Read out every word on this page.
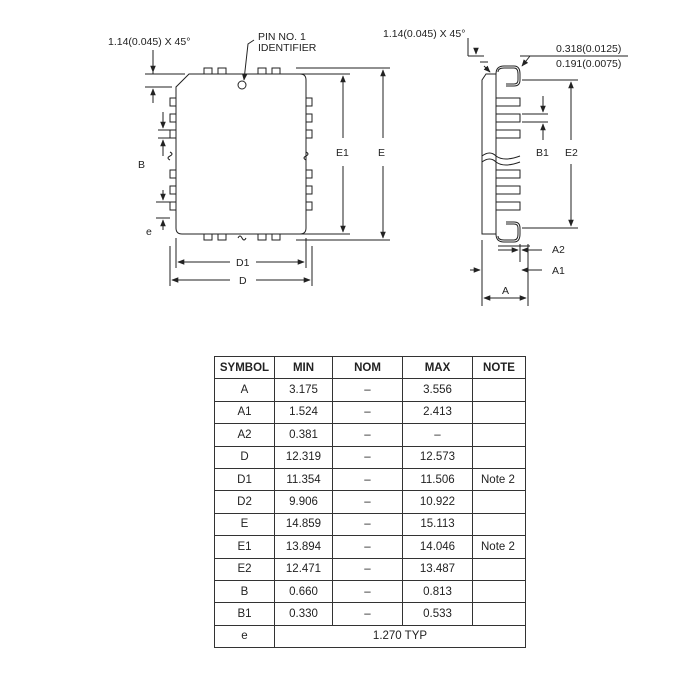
1.14(0.045) X 45°	PIN NO. 1
IDENTIFIER
B
e
D1
D
E1	E
1.14(0.045) X 45°
0.318(0.0125)
0.191(0.0075)
B1 E2
A2
A1
A
SYMBOL	MIN	NOM	MAX	NOTE
A	3.175	–	3.556	
A1	1.524	–	2.413	
A2	0.381	–	–	
D	12.319	–	12.573	
D1	11.354	–	11.506	Note 2
D2	9.906	–	10.922	
E	14.859	–	15.113	
E1	13.894	–	14.046	Note 2
E2	12.471	–	13.487	
B	0.660	–	0.813	
B1	0.330	–	0.533	
e	1.270 TYP			
